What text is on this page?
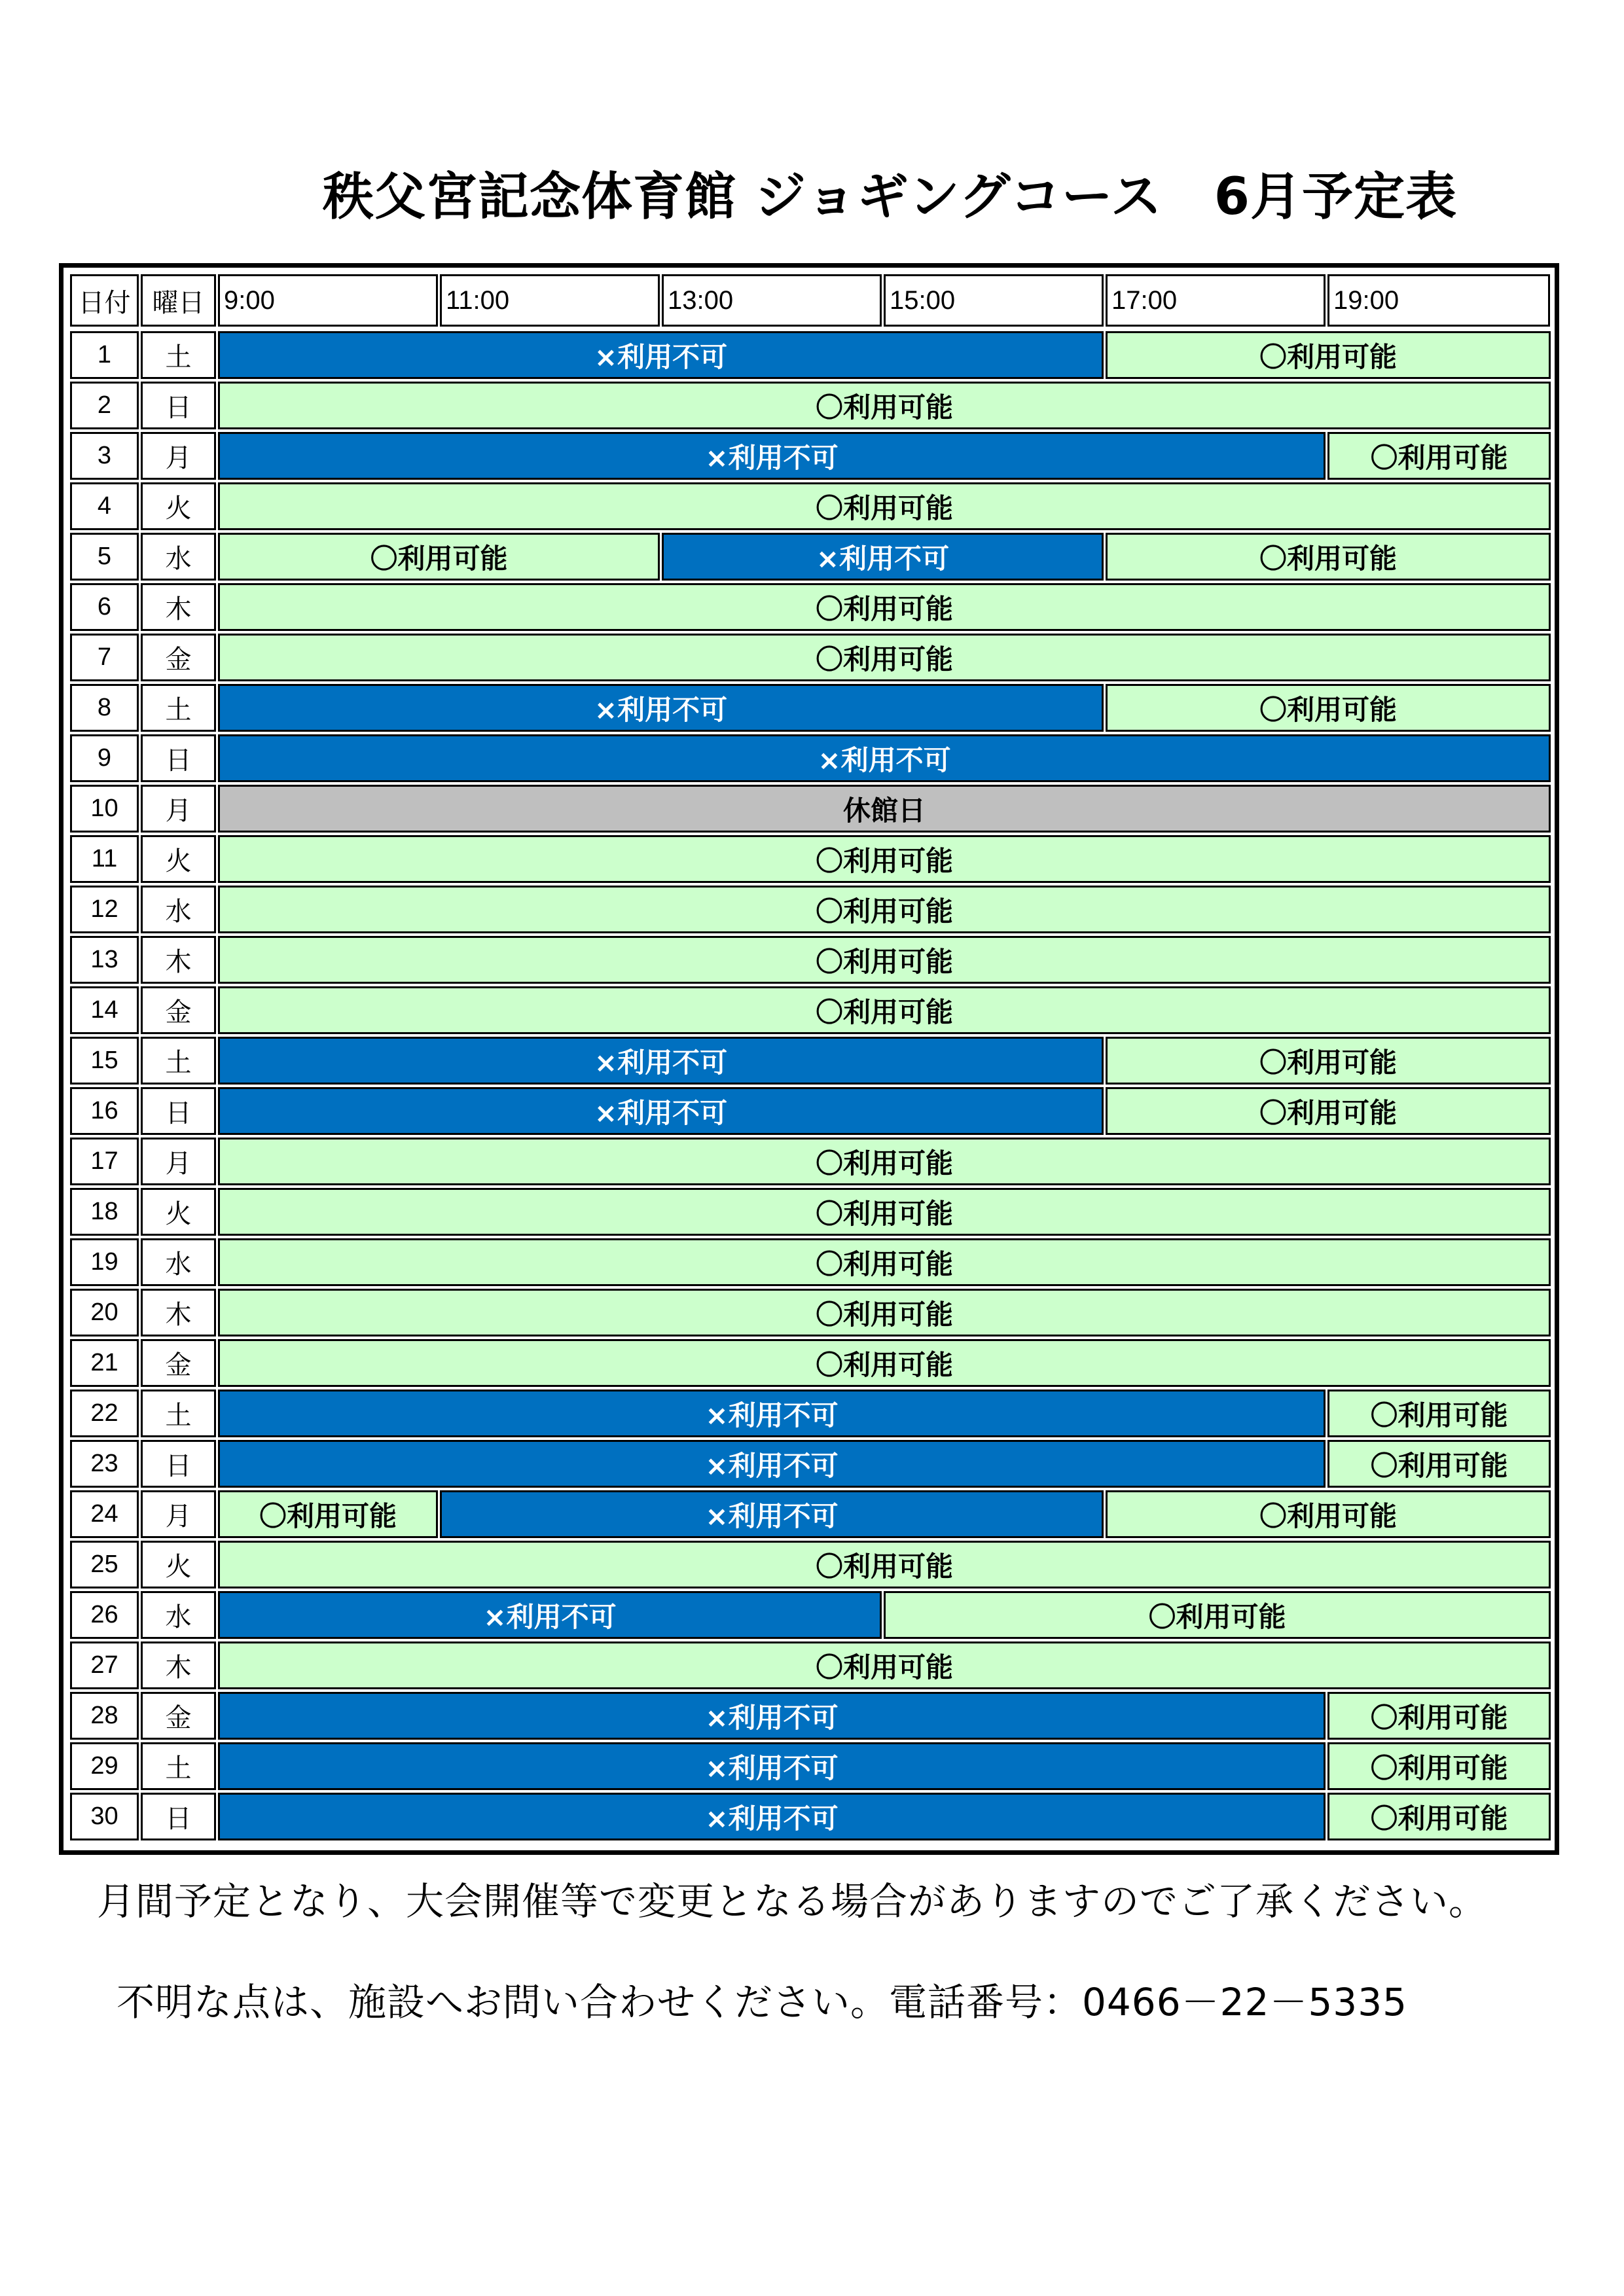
秩父宮記念体育館 ジョギングコース　6月予定表
日付 曜日 9:00	11:00	13:00	15:00	17:00	19:00
1	土	×利用不可	〇利用可能
2	日	〇利用可能
3	月	×利用不可	〇利用可能
4	火	〇利用可能
5	水	〇利用可能	×利用不可	〇利用可能
6	木	〇利用可能
7	金	〇利用可能
8	土	×利用不可	〇利用可能
9	日	×利用不可
10	月	休館日
11	火	〇利用可能
12	水	〇利用可能
13	木	〇利用可能
14	金	〇利用可能
15	土	×利用不可	〇利用可能
16	日	×利用不可	〇利用可能
17	月	〇利用可能
18	火	〇利用可能
19	水	〇利用可能
20	木	〇利用可能
21	金	〇利用可能
22	土	×利用不可	〇利用可能
23	日	×利用不可	〇利用可能
24	月	〇利用可能	×利用不可	〇利用可能
25	火	〇利用可能
26	水	×利用不可	〇利用可能
27	木	〇利用可能
28	金	×利用不可	〇利用可能
29	土	×利用不可	〇利用可能
30	日	×利用不可	〇利用可能
月間予定となり、大会開催等で変更となる場合がありますのでご了承ください。
不明な点は、施設へお問い合わせください。電話番号：0466－22－5335
